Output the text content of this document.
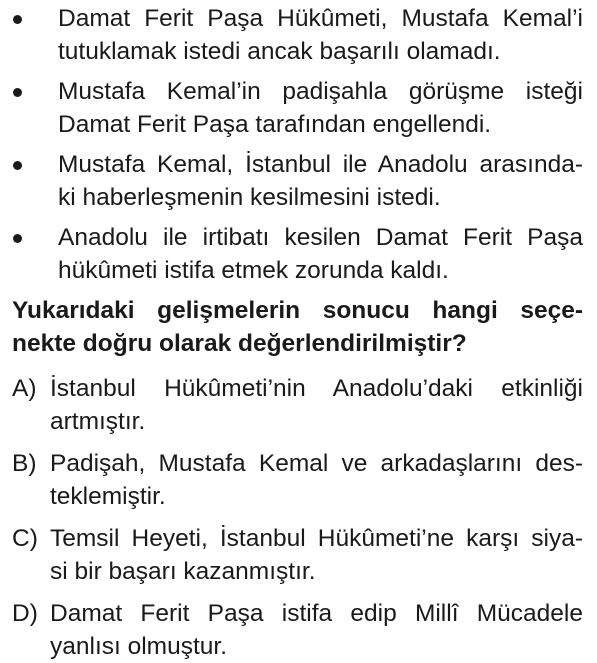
Damat Ferit Paşa Hükûmeti, Mustafa Kemal’i
tutuklamak istedi ancak başarılı olamadı.
Mustafa Kemal’in padişahla görüşme isteği
Damat Ferit Paşa tarafından engellendi.
Mustafa Kemal, İstanbul ile Anadolu arasında-
ki haberleşmenin kesilmesini istedi.
Anadolu ile irtibatı kesilen Damat Ferit Paşa
hükûmeti istifa etmek zorunda kaldı.
Yukarıdaki gelişmelerin sonucu hangi seçe-
nekte doğru olarak değerlendirilmiştir?
A) İstanbul Hükûmeti’nin Anadolu’daki etkinliği
artmıştır.
B) Padişah, Mustafa Kemal ve arkadaşlarını des-
teklemiştir.
C) Temsil Heyeti, İstanbul Hükûmeti’ne karşı siya-
si bir başarı kazanmıştır.
D) Damat Ferit Paşa istifa edip Millî Mücadele
yanlısı olmuştur.
